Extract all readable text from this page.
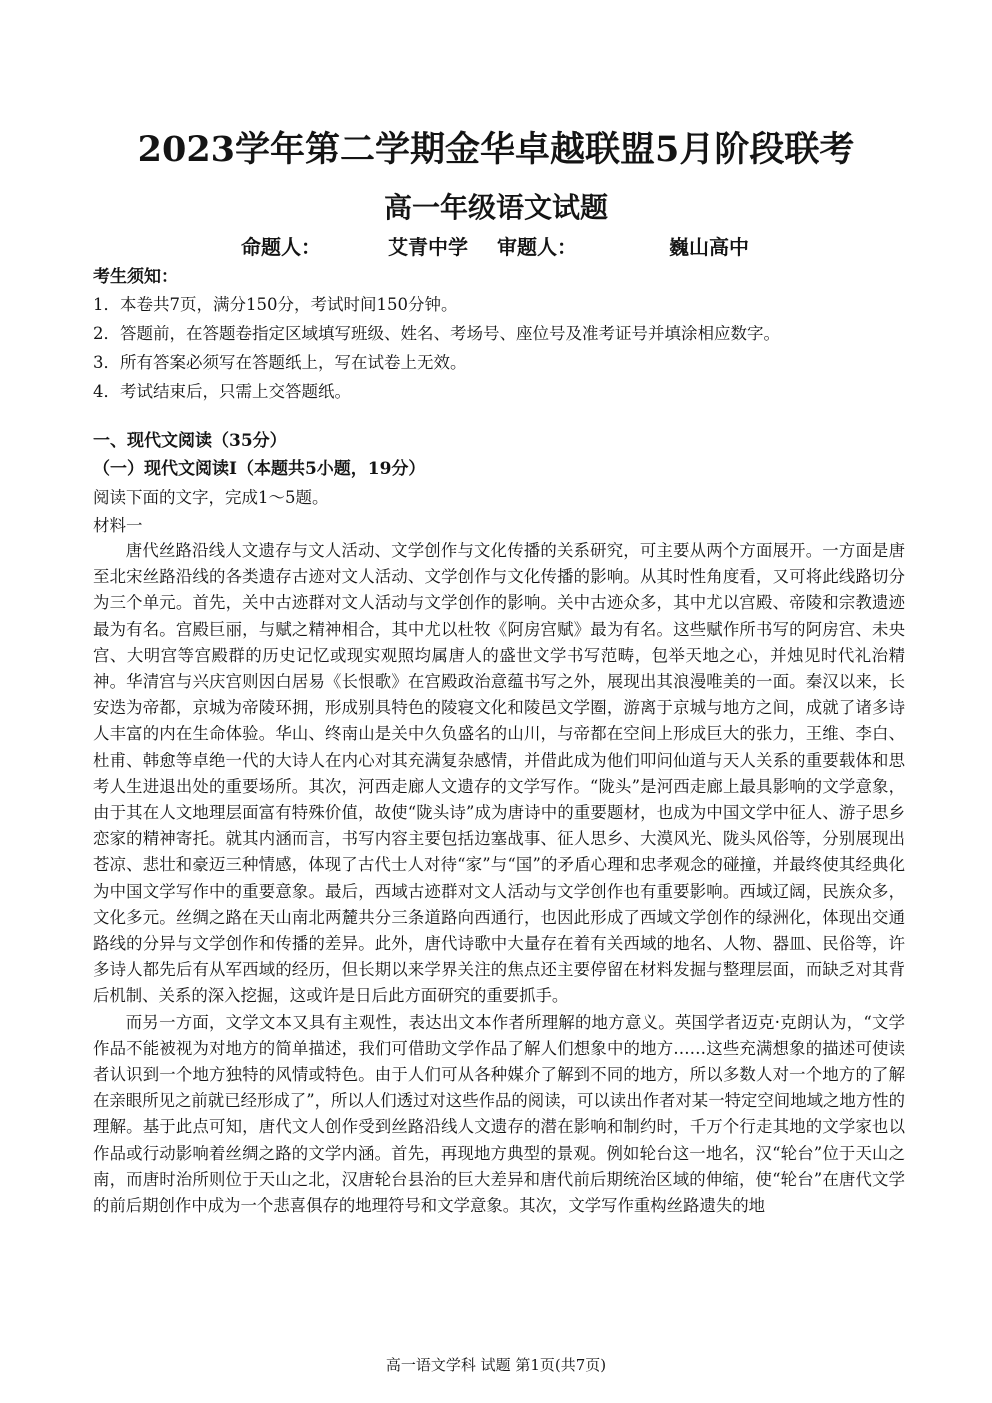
2023学年第二学期金华卓越联盟5月阶段联考
高一年级语文试题
命题人：	艾青中学 审题人：	巍山高中
考生须知：
1．本卷共7页，满分150分，考试时间150分钟。
2．答题前，在答题卷指定区域填写班级、姓名、考场号、座位号及准考证号并填涂相应数字。
3．所有答案必须写在答题纸上，写在试卷上无效。
4．考试结束后，只需上交答题纸。
一、现代文阅读（35分）
（一）现代文阅读Ⅰ（本题共5小题，19分）
阅读下面的文字，完成1～5题。
材料一

唐代丝路沿线人文遗存与文人活动、文学创作与文化传播的关系研究，可主要从两个方面展开。一方面是唐至北宋丝路沿线的各类遗存古迹对文人活动、文学创作与文化传播的影响。从其时性角度看，又可将此线路切分为三个单元。首先，关中古迹群对文人活动与文学创作的影响。关中古迹众多，其中尤以宫殿、帝陵和宗教遗迹最为有名。宫殿巨丽，与赋之精神相合，其中尤以杜牧《阿房宫赋》最为有名。这些赋作所书写的阿房宫、未央宫、大明宫等宫殿群的历史记忆或现实观照均属唐人的盛世文学书写范畴，包举天地之心，并烛见时代礼治精神。华清宫与兴庆宫则因白居易《长恨歌》在宫殿政治意蕴书写之外，展现出其浪漫唯美的一面。秦汉以来，长安迭为帝都，京城为帝陵环拥，形成别具特色的陵寝文化和陵邑文学圈，游离于京城与地方之间，成就了诸多诗人丰富的内在生命体验。华山、终南山是关中久负盛名的山川，与帝都在空间上形成巨大的张力，王维、李白、杜甫、韩愈等卓绝一代的大诗人在内心对其充满复杂感情，并借此成为他们叩问仙道与天人关系的重要载体和思考人生进退出处的重要场所。其次，河西走廊人文遗存的文学写作。“陇头”是河西走廊上最具影响的文学意象，由于其在人文地理层面富有特殊价值，故使“陇头诗”成为唐诗中的重要题材，也成为中国文学中征人、游子思乡恋家的精神寄托。就其内涵而言，书写内容主要包括边塞战事、征人思乡、大漠风光、陇头风俗等，分别展现出苍凉、悲壮和豪迈三种情感，体现了古代士人对待“家”与“国”的矛盾心理和忠孝观念的碰撞，并最终使其经典化为中国文学写作中的重要意象。最后，西域古迹群对文人活动与文学创作也有重要影响。西域辽阔，民族众多，文化多元。丝绸之路在天山南北两麓共分三条道路向西通行，也因此形成了西域文学创作的绿洲化，体现出交通路线的分异与文学创作和传播的差异。此外，唐代诗歌中大量存在着有关西域的地名、人物、器皿、民俗等，许多诗人都先后有从军西域的经历，但长期以来学界关注的焦点还主要停留在材料发掘与整理层面，而缺乏对其背后机制、关系的深入挖掘，这或许是日后此方面研究的重要抓手。

而另一方面，文学文本又具有主观性，表达出文本作者所理解的地方意义。英国学者迈克·克朗认为，“文学作品不能被视为对地方的简单描述，我们可借助文学作品了解人们想象中的地方……这些充满想象的描述可使读者认识到一个地方独特的风情或特色。由于人们可从各种媒介了解到不同的地方，所以多数人对一个地方的了解在亲眼所见之前就已经形成了”，所以人们透过对这些作品的阅读，可以读出作者对某一特定空间地域之地方性的理解。基于此点可知，唐代文人创作受到丝路沿线人文遗存的潜在影响和制约时，千万个行走其地的文学家也以作品或行动影响着丝绸之路的文学内涵。首先，再现地方典型的景观。例如轮台这一地名，汉“轮台”位于天山之南，而唐时治所则位于天山之北，汉唐轮台县治的巨大差异和唐代前后期统治区域的伸缩，使“轮台”在唐代文学的前后期创作中成为一个悲喜俱存的地理符号和文学意象。其次，文学写作重构丝路遗失的地

高一语文学科 试题 第1页(共7页)
